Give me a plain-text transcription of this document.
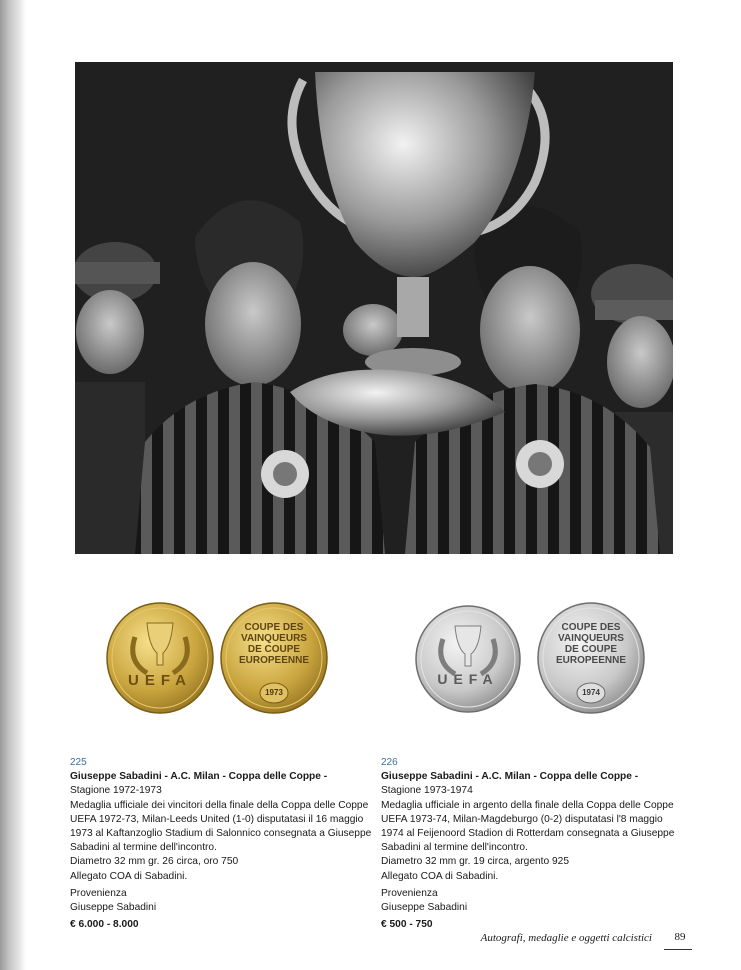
UEFA
COUPE DES
VAINQUEURS
DE COUPE
EUROPEENNE
1973
UEFA
COUPE DES
VAINQUEURS
DE COUPE
EUROPEENNE
1974
225
Giuseppe Sabadini - A.C. Milan - Coppa delle Coppe -
Stagione 1972-1973
Medaglia ufficiale dei vincitori della finale della Coppa delle Coppe
UEFA 1972-73, Milan-Leeds United (1-0) disputatasi il 16 maggio
1973 al Kaftanzoglio Stadium di Salonnico consegnata a Giuseppe
Sabadini al termine dell'incontro.
Diametro 32 mm gr. 26 circa, oro 750
Allegato COA di Sabadini.
Provenienza
Giuseppe Sabadini
€ 6.000 - 8.000
226
Giuseppe Sabadini - A.C. Milan - Coppa delle Coppe -
Stagione 1973-1974
Medaglia ufficiale in argento della finale della Coppa delle Coppe
UEFA 1973-74, Milan-Magdeburgo (0-2) disputatasi l'8 maggio
1974 al Feijenoord Stadion di Rotterdam consegnata a Giuseppe
Sabadini al termine dell'incontro.
Diametro 32 mm gr. 19 circa, argento 925
Allegato COA di Sabadini.
Provenienza
Giuseppe Sabadini
€ 500 - 750
Autografi, medaglie e oggetti calcistici	89
